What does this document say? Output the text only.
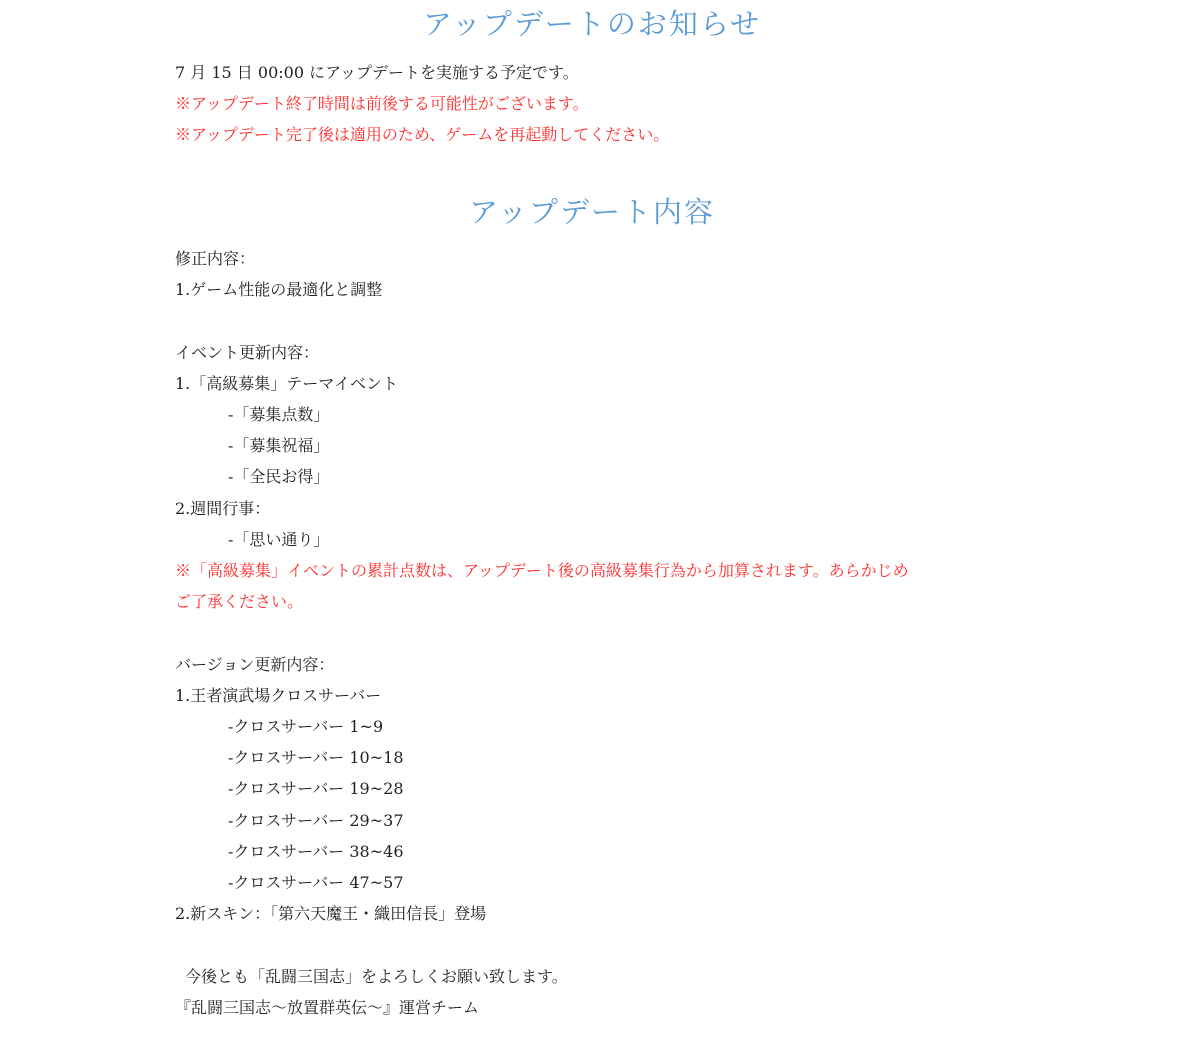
アップデートのお知らせ
7 月 15 日 00:00 にアップデートを実施する予定です。
※アップデート終了時間は前後する可能性がございます。
※アップデート完了後は適用のため、ゲームを再起動してください。
アップデート内容
修正内容：
1.ゲーム性能の最適化と調整
イベント更新内容：
1.「高級募集」テーマイベント
-「募集点数」
-「募集祝福」
-「全民お得」
2.週間行事：
-「思い通り」
※「高級募集」イベントの累計点数は、アップデート後の高級募集行為から加算されます。あらかじめ
ご了承ください。
バージョン更新内容：
1.王者演武場クロスサーバー
-クロスサーバー 1~9
-クロスサーバー 10~18
-クロスサーバー 19~28
-クロスサーバー 29~37
-クロスサーバー 38~46
-クロスサーバー 47~57
2.新スキン：「第六天魔王・織田信長」登場
今後とも「乱闘三国志」をよろしくお願い致します。
『乱闘三国志～放置群英伝～』運営チーム
